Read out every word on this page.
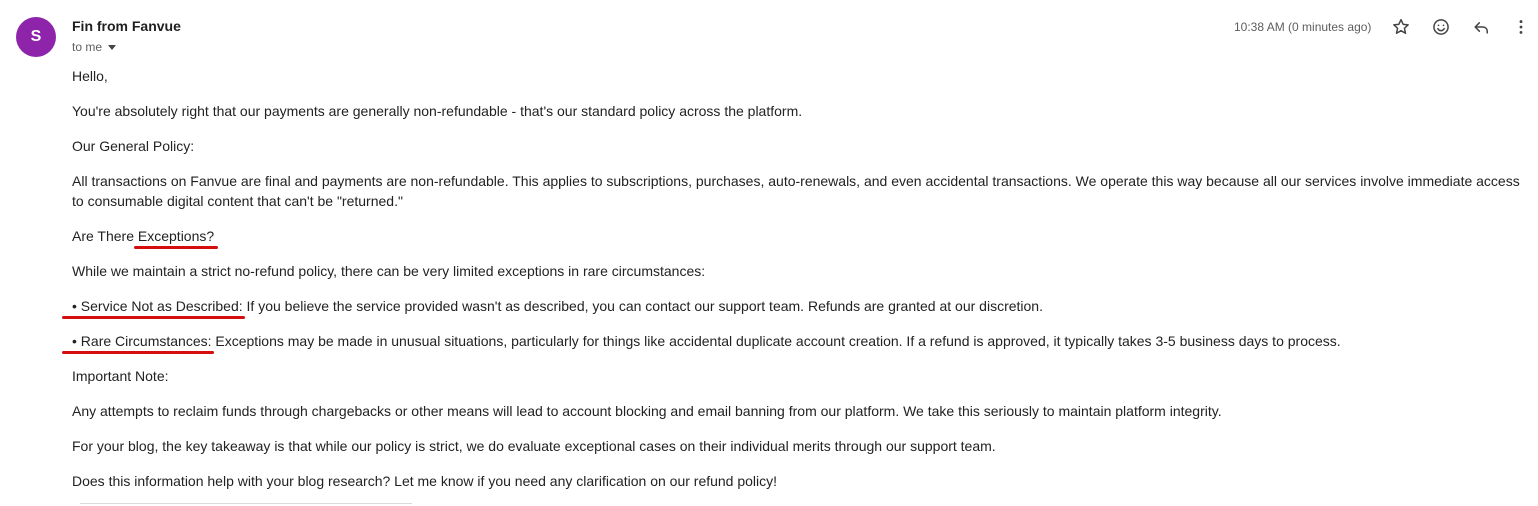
S
Fin from Fanvue
to me
10:38 AM (0 minutes ago)

Hello,

You're absolutely right that our payments are generally non-refundable - that's our standard policy across the platform.

Our General Policy:

All transactions on Fanvue are final and payments are non-refundable. This applies to subscriptions, purchases, auto-renewals, and even accidental transactions. We operate this way because all our services involve immediate access to consumable digital content that can't be "returned."

Are There Exceptions?

While we maintain a strict no-refund policy, there can be very limited exceptions in rare circumstances:

• Service Not as Described: If you believe the service provided wasn't as described, you can contact our support team. Refunds are granted at our discretion.

• Rare Circumstances: Exceptions may be made in unusual situations, particularly for things like accidental duplicate account creation. If a refund is approved, it typically takes 3-5 business days to process.

Important Note:

Any attempts to reclaim funds through chargebacks or other means will lead to account blocking and email banning from our platform. We take this seriously to maintain platform integrity.

For your blog, the key takeaway is that while our policy is strict, we do evaluate exceptional cases on their individual merits through our support team.

Does this information help with your blog research? Let me know if you need any clarification on our refund policy!
